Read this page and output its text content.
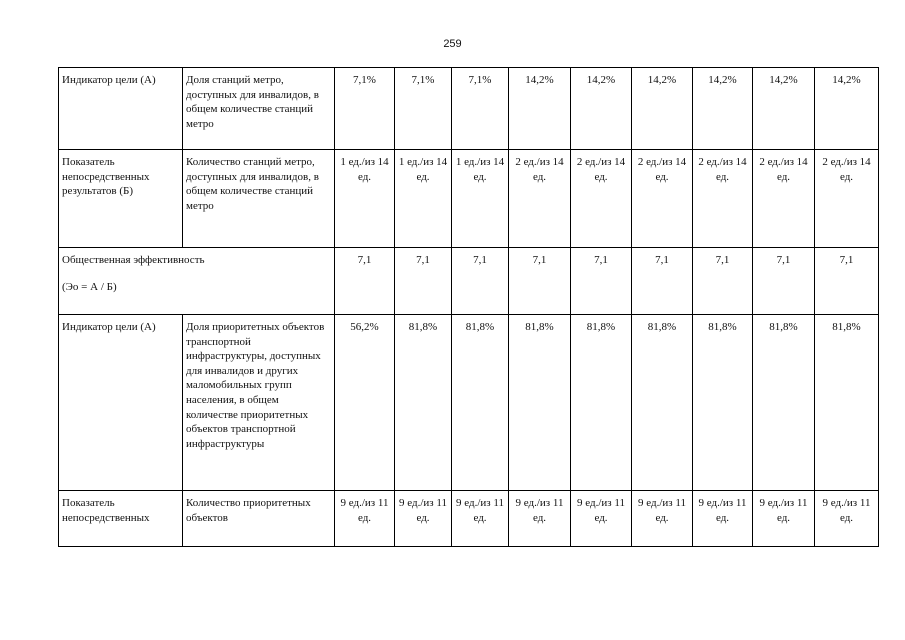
259
Индикатор цели (А)	Доля станций метро, доступных для инвалидов, в общем количестве станций метро	7,1%	7,1%	7,1%	14,2%	14,2%	14,2%	14,2%	14,2%	14,2%
Показатель непосредственных результатов (Б)	Количество станций метро, доступных для инвалидов, в общем количестве станций метро	1 ед./из 14 ед.	1 ед./из 14 ед.	1 ед./из 14 ед.	2 ед./из 14 ед.	2 ед./из 14 ед.	2 ед./из 14 ед.	2 ед./из 14 ед.	2 ед./из 14 ед.	2 ед./из 14 ед.
Общественная эффективность
(Эо = А / Б)		7,1	7,1	7,1	7,1	7,1	7,1	7,1	7,1	7,1
Индикатор цели (А)	Доля приоритетных объектов транспортной инфраструктуры, доступных для инвалидов и других маломобильных групп населения, в общем количестве приоритетных объектов транспортной инфраструктуры	56,2%	81,8%	81,8%	81,8%	81,8%	81,8%	81,8%	81,8%	81,8%
Показатель непосредственных	Количество приоритетных объектов	9 ед./из 11 ед.	9 ед./из 11 ед.	9 ед./из 11 ед.	9 ед./из 11 ед.	9 ед./из 11 ед.	9 ед./из 11 ед.	9 ед./из 11 ед.	9 ед./из 11 ед.	9 ед./из 11 ед.
